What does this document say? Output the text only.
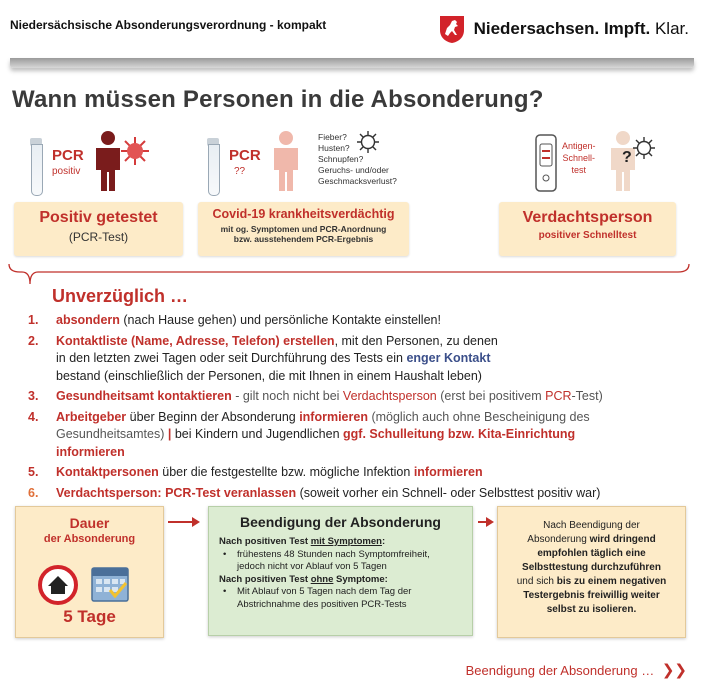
Niedersächsische Absonderungsverordnung - kompakt	Niedersachsen. Impft. Klar.
Wann müssen Personen in die Absonderung?
PCR
positiv
Positiv getestet
(PCR-Test)
PCR
??
Fieber?
Husten?
Schnupfen?
Geruchs- und/oder
Geschmacksverlust?
Covid-19 krankheitsverdächtig
mit og. Symptomen und PCR-Anordnung
bzw. ausstehendem PCR-Ergebnis
Antigen-
Schnell-
test
?
Verdachtsperson
positiver Schnelltest
Unverzüglich …
1. absondern (nach Hause gehen) und persönliche Kontakte einstellen!
2. Kontaktliste (Name, Adresse, Telefon) erstellen, mit den Personen, zu denen
in den letzten zwei Tagen oder seit Durchführung des Tests ein enger Kontakt
bestand (einschließlich der Personen, die mit Ihnen in einem Haushalt leben)
3. Gesundheitsamt kontaktieren - gilt noch nicht bei Verdachtsperson (erst bei positivem PCR-Test)
4. Arbeitgeber über Beginn der Absonderung informieren (möglich auch ohne Bescheinigung des
Gesundheitsamtes) | bei Kindern und Jugendlichen ggf. Schulleitung bzw. Kita-Einrichtung
informieren
5. Kontaktpersonen über die festgestellte bzw. mögliche Infektion informieren
6. Verdachtsperson: PCR-Test veranlassen (soweit vorher ein Schnell- oder Selbsttest positiv war)
Dauer
der Absonderung
5 Tage
Beendigung der Absonderung
Nach positiven Test mit Symptomen:
• frühestens 48 Stunden nach Symptomfreiheit,
jedoch nicht vor Ablauf von 5 Tagen
Nach positiven Test ohne Symptome:
• Mit Ablauf von 5 Tagen nach dem Tag der
Abstrichnahme des positiven PCR-Tests
Nach Beendigung der
Absonderung wird dringend
empfohlen täglich eine
Selbsttestung durchzuführen
und sich bis zu einem negativen
Testergebnis freiwillig weiter
selbst zu isolieren.
Beendigung der Absonderung … ❯❯
